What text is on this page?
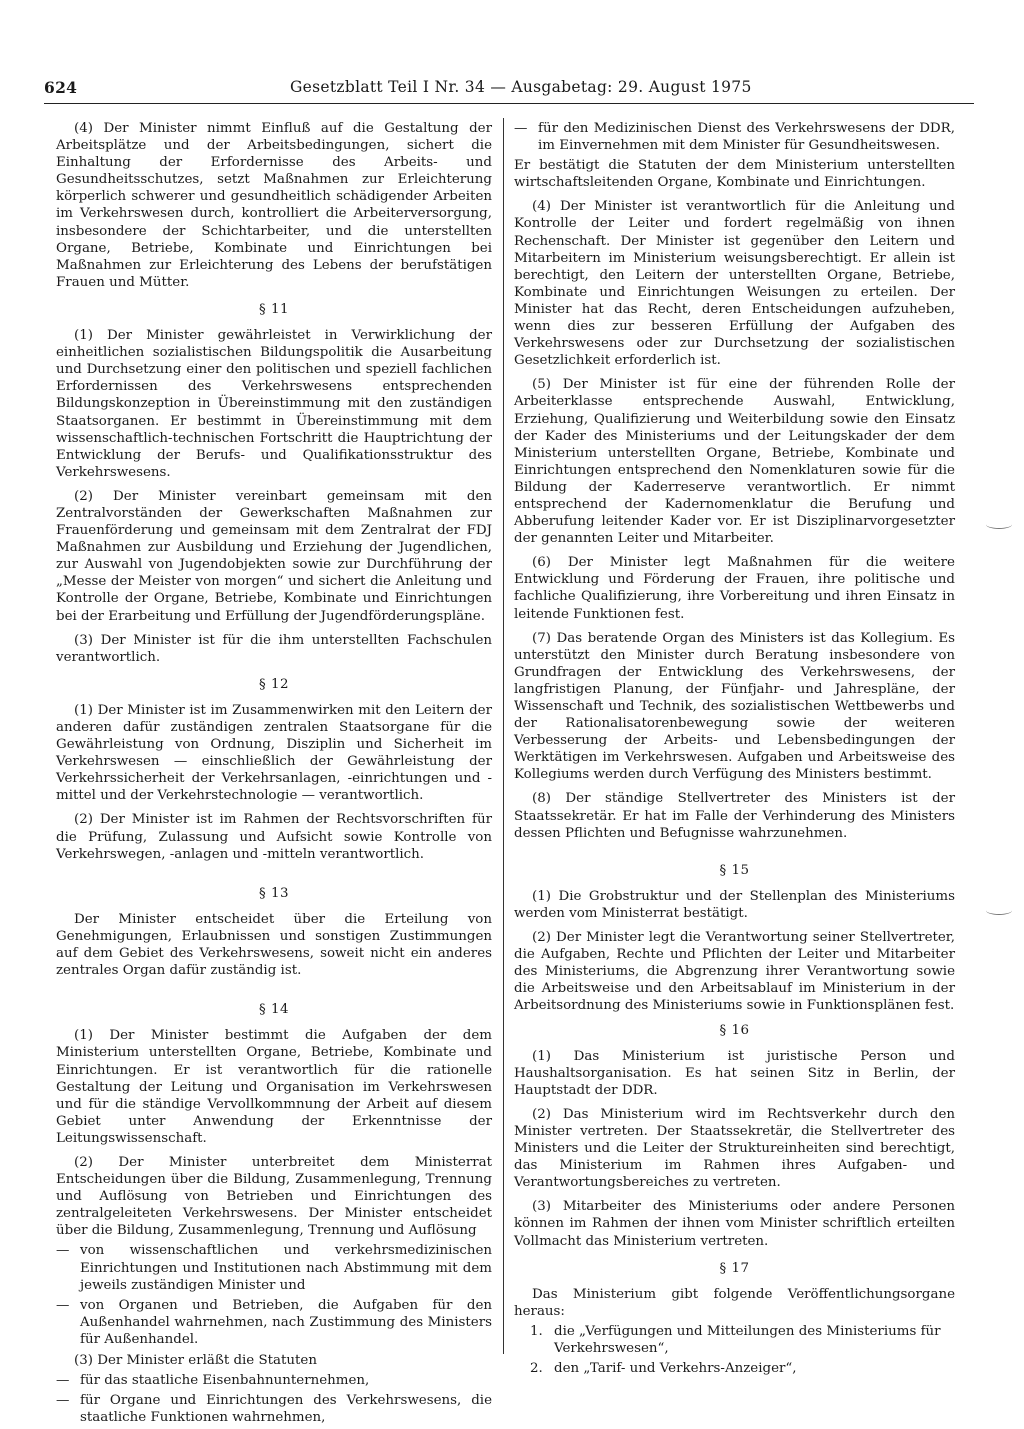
624	Gesetzblatt Teil I Nr. 34 — Ausgabetag: 29. August 1975

(4) Der Minister nimmt Einfluß auf die Gestaltung der Arbeitsplätze und der Arbeitsbedingungen, sichert die Einhaltung der Erfordernisse des Arbeits- und Gesundheitsschutzes, setzt Maßnahmen zur Erleichterung körperlich schwerer und gesundheitlich schädigender Arbeiten im Verkehrswesen durch, kontrolliert die Arbeiterversorgung, insbesondere der Schichtarbeiter, und die unterstellten Organe, Betriebe, Kombinate und Einrichtungen bei Maßnahmen zur Erleichterung des Lebens der berufstätigen Frauen und Mütter.

§ 11

(1) Der Minister gewährleistet in Verwirklichung der einheitlichen sozialistischen Bildungspolitik die Ausarbeitung und Durchsetzung einer den politischen und speziell fachlichen Erfordernissen des Verkehrswesens entsprechenden Bildungskonzeption in Übereinstimmung mit den zuständigen Staatsorganen. Er bestimmt in Übereinstimmung mit dem wissenschaftlich-technischen Fortschritt die Hauptrichtung der Entwicklung der Berufs- und Qualifikationsstruktur des Verkehrswesens.

(2) Der Minister vereinbart gemeinsam mit den Zentralvorständen der Gewerkschaften Maßnahmen zur Frauenförderung und gemeinsam mit dem Zentralrat der FDJ Maßnahmen zur Ausbildung und Erziehung der Jugendlichen, zur Auswahl von Jugendobjekten sowie zur Durchführung der „Messe der Meister von morgen“ und sichert die Anleitung und Kontrolle der Organe, Betriebe, Kombinate und Einrichtungen bei der Erarbeitung und Erfüllung der Jugendförderungspläne.

(3) Der Minister ist für die ihm unterstellten Fachschulen verantwortlich.

§ 12

(1) Der Minister ist im Zusammenwirken mit den Leitern der anderen dafür zuständigen zentralen Staatsorgane für die Gewährleistung von Ordnung, Disziplin und Sicherheit im Verkehrswesen — einschließlich der Gewährleistung der Verkehrssicherheit der Verkehrsanlagen, -einrichtungen und -mittel und der Verkehrstechnologie — verantwortlich.

(2) Der Minister ist im Rahmen der Rechtsvorschriften für die Prüfung, Zulassung und Aufsicht sowie Kontrolle von Verkehrswegen, -anlagen und -mitteln verantwortlich.

§ 13

Der Minister entscheidet über die Erteilung von Genehmigungen, Erlaubnissen und sonstigen Zustimmungen auf dem Gebiet des Verkehrswesens, soweit nicht ein anderes zentrales Organ dafür zuständig ist.

§ 14

(1) Der Minister bestimmt die Aufgaben der dem Ministerium unterstellten Organe, Betriebe, Kombinate und Einrichtungen. Er ist verantwortlich für die rationelle Gestaltung der Leitung und Organisation im Verkehrswesen und für die ständige Vervollkommnung der Arbeit auf diesem Gebiet unter Anwendung der Erkenntnisse der Leitungswissenschaft.

(2) Der Minister unterbreitet dem Ministerrat Entscheidungen über die Bildung, Zusammenlegung, Trennung und Auflösung von Betrieben und Einrichtungen des zentralgeleiteten Verkehrswesens. Der Minister entscheidet über die Bildung, Zusammenlegung, Trennung und Auflösung

— von wissenschaftlichen und verkehrsmedizinischen Einrichtungen und Institutionen nach Abstimmung mit dem jeweils zuständigen Minister und
— von Organen und Betrieben, die Aufgaben für den Außenhandel wahrnehmen, nach Zustimmung des Ministers für Außenhandel.

(3) Der Minister erläßt die Statuten

— für das staatliche Eisenbahnunternehmen,
— für Organe und Einrichtungen des Verkehrswesens, die staatliche Funktionen wahrnehmen,
— für den Medizinischen Dienst des Verkehrswesens der DDR, im Einvernehmen mit dem Minister für Gesundheitswesen.

Er bestätigt die Statuten der dem Ministerium unterstellten wirtschaftsleitenden Organe, Kombinate und Einrichtungen.

(4) Der Minister ist verantwortlich für die Anleitung und Kontrolle der Leiter und fordert regelmäßig von ihnen Rechenschaft. Der Minister ist gegenüber den Leitern und Mitarbeitern im Ministerium weisungsberechtigt. Er allein ist berechtigt, den Leitern der unterstellten Organe, Betriebe, Kombinate und Einrichtungen Weisungen zu erteilen. Der Minister hat das Recht, deren Entscheidungen aufzuheben, wenn dies zur besseren Erfüllung der Aufgaben des Verkehrswesens oder zur Durchsetzung der sozialistischen Gesetzlichkeit erforderlich ist.

(5) Der Minister ist für eine der führenden Rolle der Arbeiterklasse entsprechende Auswahl, Entwicklung, Erziehung, Qualifizierung und Weiterbildung sowie den Einsatz der Kader des Ministeriums und der Leitungskader der dem Ministerium unterstellten Organe, Betriebe, Kombinate und Einrichtungen entsprechend den Nomenklaturen sowie für die Bildung der Kaderreserve verantwortlich. Er nimmt entsprechend der Kadernomenklatur die Berufung und Abberufung leitender Kader vor. Er ist Disziplinarvorgesetzter der genannten Leiter und Mitarbeiter.

(6) Der Minister legt Maßnahmen für die weitere Entwicklung und Förderung der Frauen, ihre politische und fachliche Qualifizierung, ihre Vorbereitung und ihren Einsatz in leitende Funktionen fest.

(7) Das beratende Organ des Ministers ist das Kollegium. Es unterstützt den Minister durch Beratung insbesondere von Grundfragen der Entwicklung des Verkehrswesens, der langfristigen Planung, der Fünfjahr- und Jahrespläne, der Wissenschaft und Technik, des sozialistischen Wettbewerbs und der Rationalisatorenbewegung sowie der weiteren Verbesserung der Arbeits- und Lebensbedingungen der Werktätigen im Verkehrswesen. Aufgaben und Arbeitsweise des Kollegiums werden durch Verfügung des Ministers bestimmt.

(8) Der ständige Stellvertreter des Ministers ist der Staatssekretär. Er hat im Falle der Verhinderung des Ministers dessen Pflichten und Befugnisse wahrzunehmen.

§ 15

(1) Die Grobstruktur und der Stellenplan des Ministeriums werden vom Ministerrat bestätigt.

(2) Der Minister legt die Verantwortung seiner Stellvertreter, die Aufgaben, Rechte und Pflichten der Leiter und Mitarbeiter des Ministeriums, die Abgrenzung ihrer Verantwortung sowie die Arbeitsweise und den Arbeitsablauf im Ministerium in der Arbeitsordnung des Ministeriums sowie in Funktionsplänen fest.

§ 16

(1) Das Ministerium ist juristische Person und Haushaltsorganisation. Es hat seinen Sitz in Berlin, der Hauptstadt der DDR.

(2) Das Ministerium wird im Rechtsverkehr durch den Minister vertreten. Der Staatssekretär, die Stellvertreter des Ministers und die Leiter der Struktureinheiten sind berechtigt, das Ministerium im Rahmen ihres Aufgaben- und Verantwortungsbereiches zu vertreten.

(3) Mitarbeiter des Ministeriums oder andere Personen können im Rahmen der ihnen vom Minister schriftlich erteilten Vollmacht das Ministerium vertreten.

§ 17

Das Ministerium gibt folgende Veröffentlichungsorgane heraus:

1. die „Verfügungen und Mitteilungen des Ministeriums für Verkehrswesen“,
2. den „Tarif- und Verkehrs-Anzeiger“,
